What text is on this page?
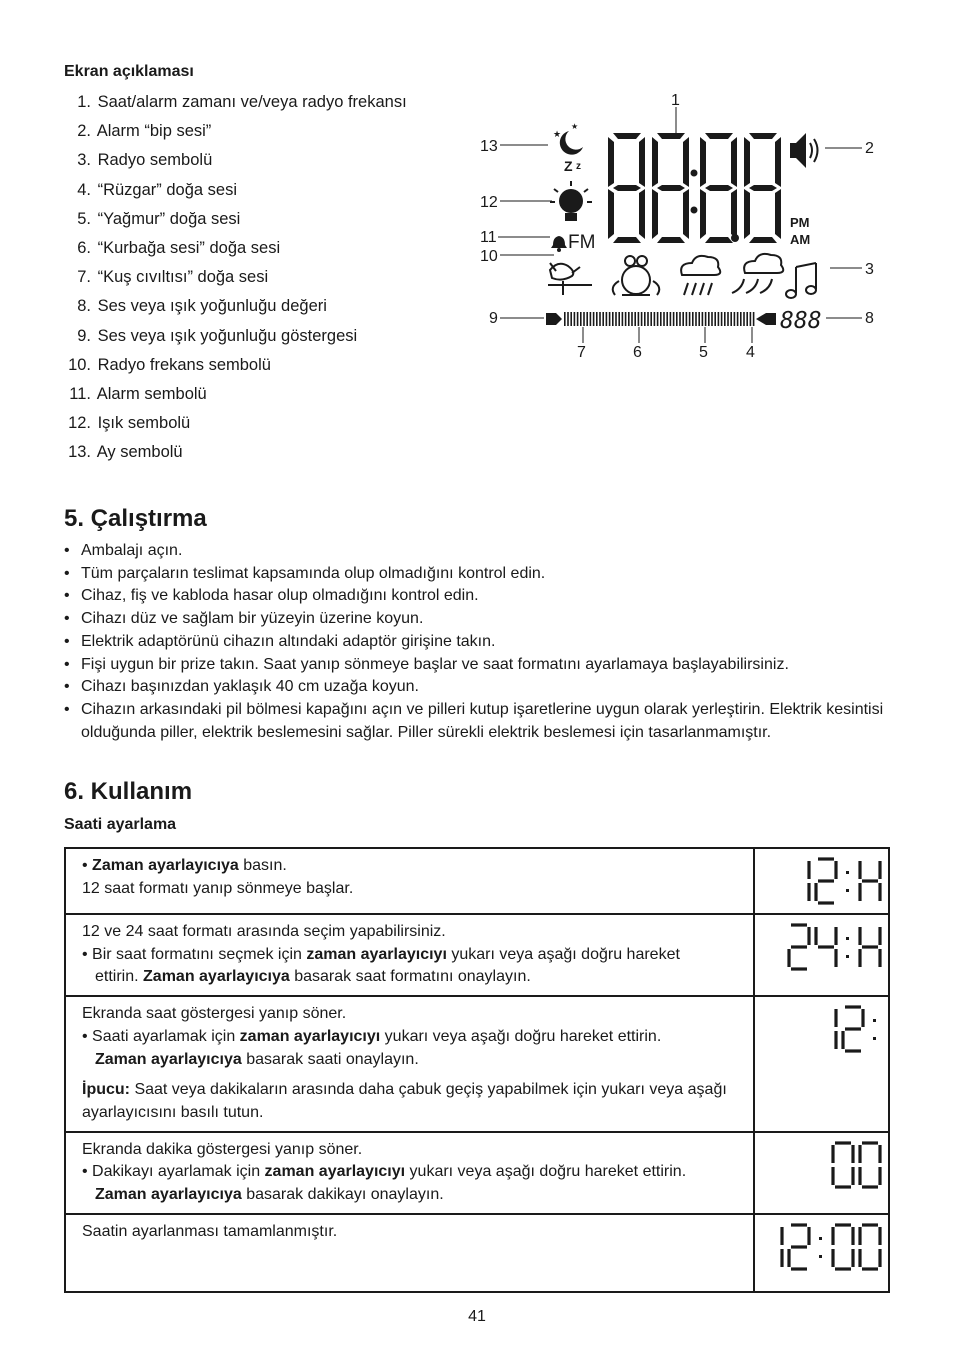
Ekran açıklaması
1. Saat/alarm zamanı ve/veya radyo frekansı
2. Alarm “bip sesi”
3. Radyo sembolü
4. “Rüzgar” doğa sesi
5. “Yağmur” doğa sesi
6. “Kurbağa sesi” doğa sesi
7. “Kuş cıvıltısı” doğa sesi
8. Ses veya ışık yoğunluğu değeri
9. Ses veya ışık yoğunluğu göstergesi
10. Radyo frekans sembolü
11. Alarm sembolü
12. Işık sembolü
13. Ay sembolü
★
★
Z z
FM
PM
AM
888
1
2
3
4
5
6
7
8
9
10
11
12
13
5. Çalıştırma
• Ambalajı açın.
• Tüm parçaların teslimat kapsamında olup olmadığını kontrol edin.
• Cihaz, fiş ve kabloda hasar olup olmadığını kontrol edin.
• Cihazı düz ve sağlam bir yüzeyin üzerine koyun.
• Elektrik adaptörünü cihazın altındaki adaptör girişine takın.
• Fişi uygun bir prize takın. Saat yanıp sönmeye başlar ve saat formatını ayarlamaya başlayabilirsiniz.
• Cihazı başınızdan yaklaşık 40 cm uzağa koyun.
• Cihazın arkasındaki pil bölmesi kapağını açın ve pilleri kutup işaretlerine uygun olarak yerleştirin. Elektrik kesintisi olduğunda piller, elektrik beslemesini sağlar. Piller sürekli elektrik beslemesi için tasarlanmamıştır.
6. Kullanım
Saati ayarlama
• Zaman ayarlayıcıya basın.
12 saat formatı yanıp sönmeye başlar.

12 ve 24 saat formatı arasında seçim yapabilirsiniz.
• Bir saat formatını seçmek için zaman ayarlayıcıyı yukarı veya aşağı doğru hareket
ettirin. Zaman ayarlayıcıya basarak saat formatını onaylayın.

Ekranda saat göstergesi yanıp söner.
• Saati ayarlamak için zaman ayarlayıcıyı yukarı veya aşağı doğru hareket ettirin.
Zaman ayarlayıcıya basarak saati onaylayın.
İpucu: Saat veya dakikaların arasında daha çabuk geçiş yapabilmek için yukarı veya aşağı ayarlayıcısını basılı tutun.

Ekranda dakika göstergesi yanıp söner.
• Dakikayı ayarlamak için zaman ayarlayıcıyı yukarı veya aşağı doğru hareket ettirin.
Zaman ayarlayıcıya basarak dakikayı onaylayın.

Saatin ayarlanması tamamlanmıştır.

41
